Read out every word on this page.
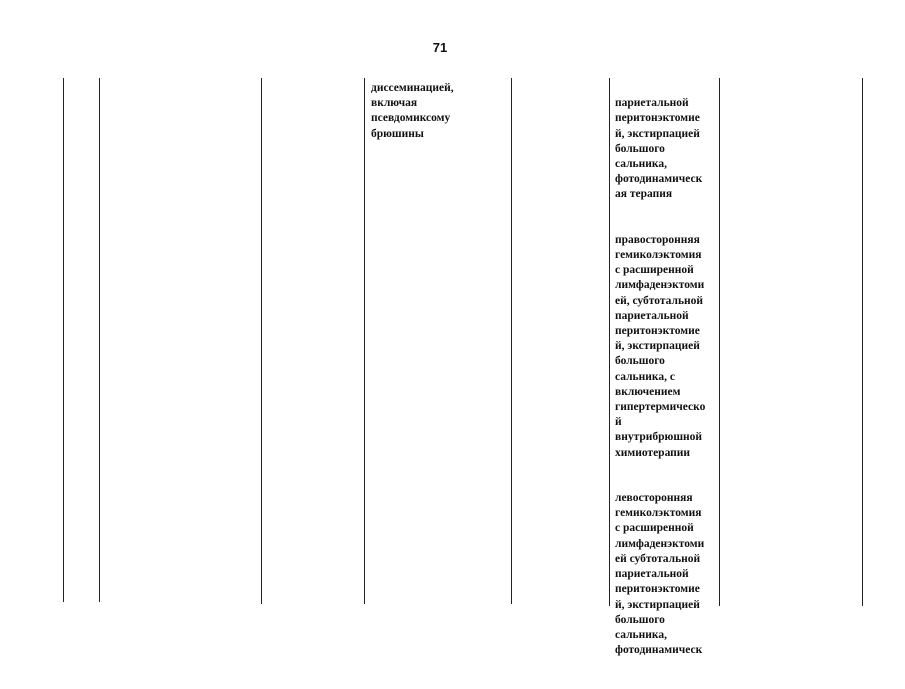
71
диссеминацией,
включая
псевдомиксому
брюшины

париетальной
перитонэктомие
й, экстирпацией
большого
сальника,
фотодинамическ
ая терапия

правосторонняя
гемиколэктомия
с расширенной
лимфаденэктоми
ей, субтотальной
париетальной
перитонэктомие
й, экстирпацией
большого
сальника, с
включением
гипертермическо
й
внутрибрюшной
химиотерапии

левосторонняя
гемиколэктомия
с расширенной
лимфаденэктоми
ей субтотальной
париетальной
перитонэктомие
й, экстирпацией
большого
сальника,
фотодинамическ
